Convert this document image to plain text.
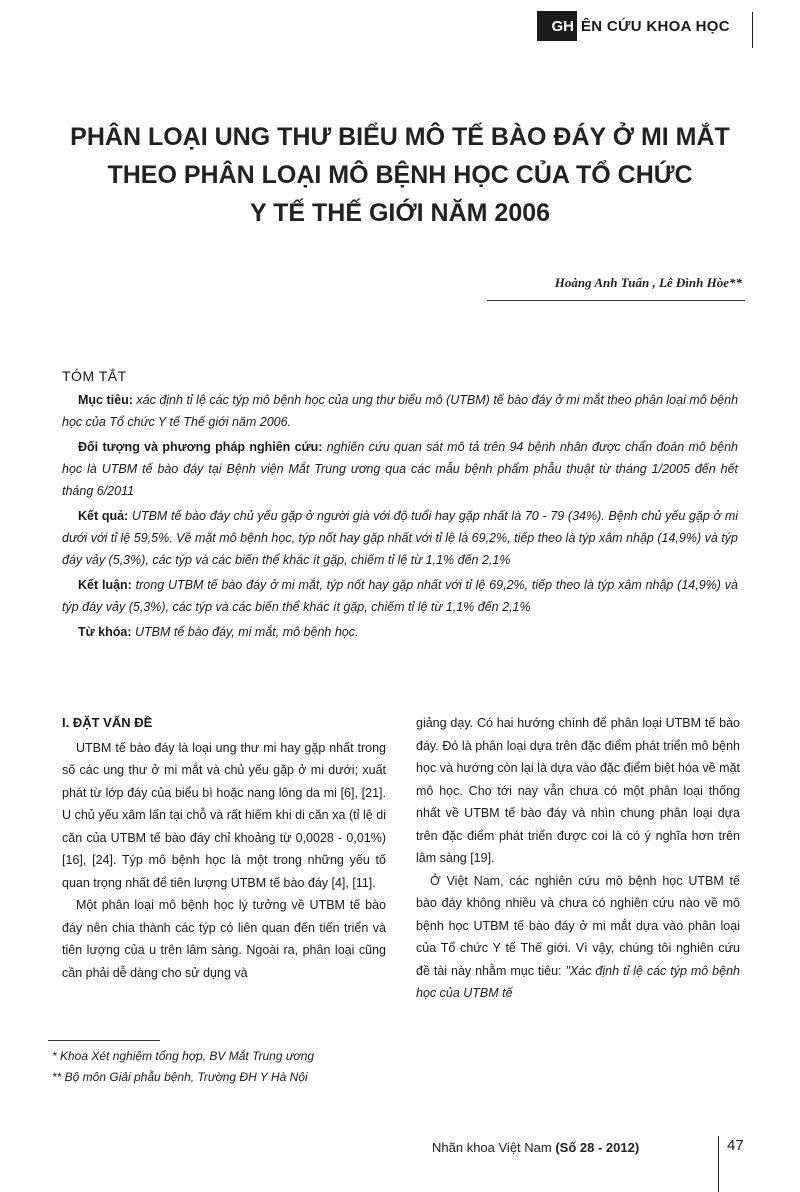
GH ÊN CỨU KHOA HỌC
PHÂN LOẠI UNG THƯ BIỂU MÔ TẾ BÀO ĐÁY Ở MI MẮT
THEO PHÂN LOẠI MÔ BỆNH HỌC CỦA TỔ CHỨC
Y TẾ THẾ GIỚI NĂM 2006
Hoàng Anh Tuấn , Lê Đình Hòe**
TÓM TẮT

Mục tiêu: xác định tỉ lệ các týp mô bệnh học của ung thư biểu mô (UTBM) tế bào đáy ở mi mắt theo phân loại mô bệnh học của Tổ chức Y tế Thế giới năm 2006.

Đối tượng và phương pháp nghiên cứu: nghiên cứu quan sát mô tả trên 94 bệnh nhân được chẩn đoán mô bệnh học là UTBM tế bào đáy tại Bệnh viện Mắt Trung ương qua các mẫu bệnh phẩm phẫu thuật từ tháng 1/2005 đến hết tháng 6/2011

Kết quả: UTBM tế bào đáy chủ yếu gặp ở người già với độ tuổi hay gặp nhất là 70 - 79 (34%). Bệnh chủ yếu gặp ở mi dưới với tỉ lệ 59,5%. Về mặt mô bệnh học, týp nốt hay gặp nhất với tỉ lệ là 69,2%, tiếp theo là týp xâm nhập (14,9%) và týp đáy vảy (5,3%), các týp và các biến thể khác ít gặp, chiếm tỉ lệ từ 1,1% đến 2,1%

Kết luận: trong UTBM tế bào đáy ở mi mắt, týp nốt hay gặp nhất với tỉ lệ 69,2%, tiếp theo là týp xâm nhập (14,9%) và týp đáy vảy (5,3%), các týp và các biến thể khác ít gặp, chiếm tỉ lệ từ 1,1% đến 2,1%

Từ khóa: UTBM tế bào đáy, mi mắt, mô bệnh học.

I. ĐẶT VẤN ĐỀ

UTBM tế bào đáy là loại ung thư mi hay gặp nhất trong số các ung thư ở mi mắt và chủ yếu gặp ở mi dưới; xuất phát từ lớp đáy của biểu bì hoặc nang lông da mi [6], [21]. U chủ yếu xâm lấn tại chỗ và rất hiếm khi di căn xa (tỉ lệ di căn của UTBM tế bào đáy chỉ khoảng từ 0,0028 - 0,01%) [16], [24]. Týp mô bệnh học là một trong những yếu tố quan trọng nhất để tiên lượng UTBM tế bào đáy [4], [11].

Một phân loại mô bệnh học lý tưởng về UTBM tế bào đáy nên chia thành các týp có liên quan đến tiến triển và tiên lượng của u trên lâm sàng. Ngoài ra, phân loại cũng cần phải dễ dàng cho sử dụng và

giảng dạy. Có hai hướng chính để phân loại UTBM tế bào đáy. Đó là phân loại dựa trên đặc điểm phát triển mô bệnh học và hướng còn lại là dựa vào đặc điểm biệt hóa về mặt mô học. Cho tới nay vẫn chưa có một phân loại thống nhất về UTBM tế bào đáy và nhìn chung phân loại dựa trên đặc điểm phát triển được coi là có ý nghĩa hơn trên lâm sàng [19].

Ở Việt Nam, các nghiên cứu mô bệnh học UTBM tế bào đáy không nhiều và chưa có nghiên cứu nào về mô bệnh học UTBM tế bào đáy ở mi mắt dựa vào phân loại của Tổ chức Y tế Thế giới. Vì vậy, chúng tôi nghiên cứu đề tài này nhằm mục tiêu: "Xác định tỉ lệ các týp mô bệnh học của UTBM tế

* Khoa Xét nghiệm tổng hợp, BV Mắt Trung ương
** Bộ môn Giải phẫu bệnh, Trường ĐH Y Hà Nội
Nhãn khoa Việt Nam (Số 28 - 2012)	47
